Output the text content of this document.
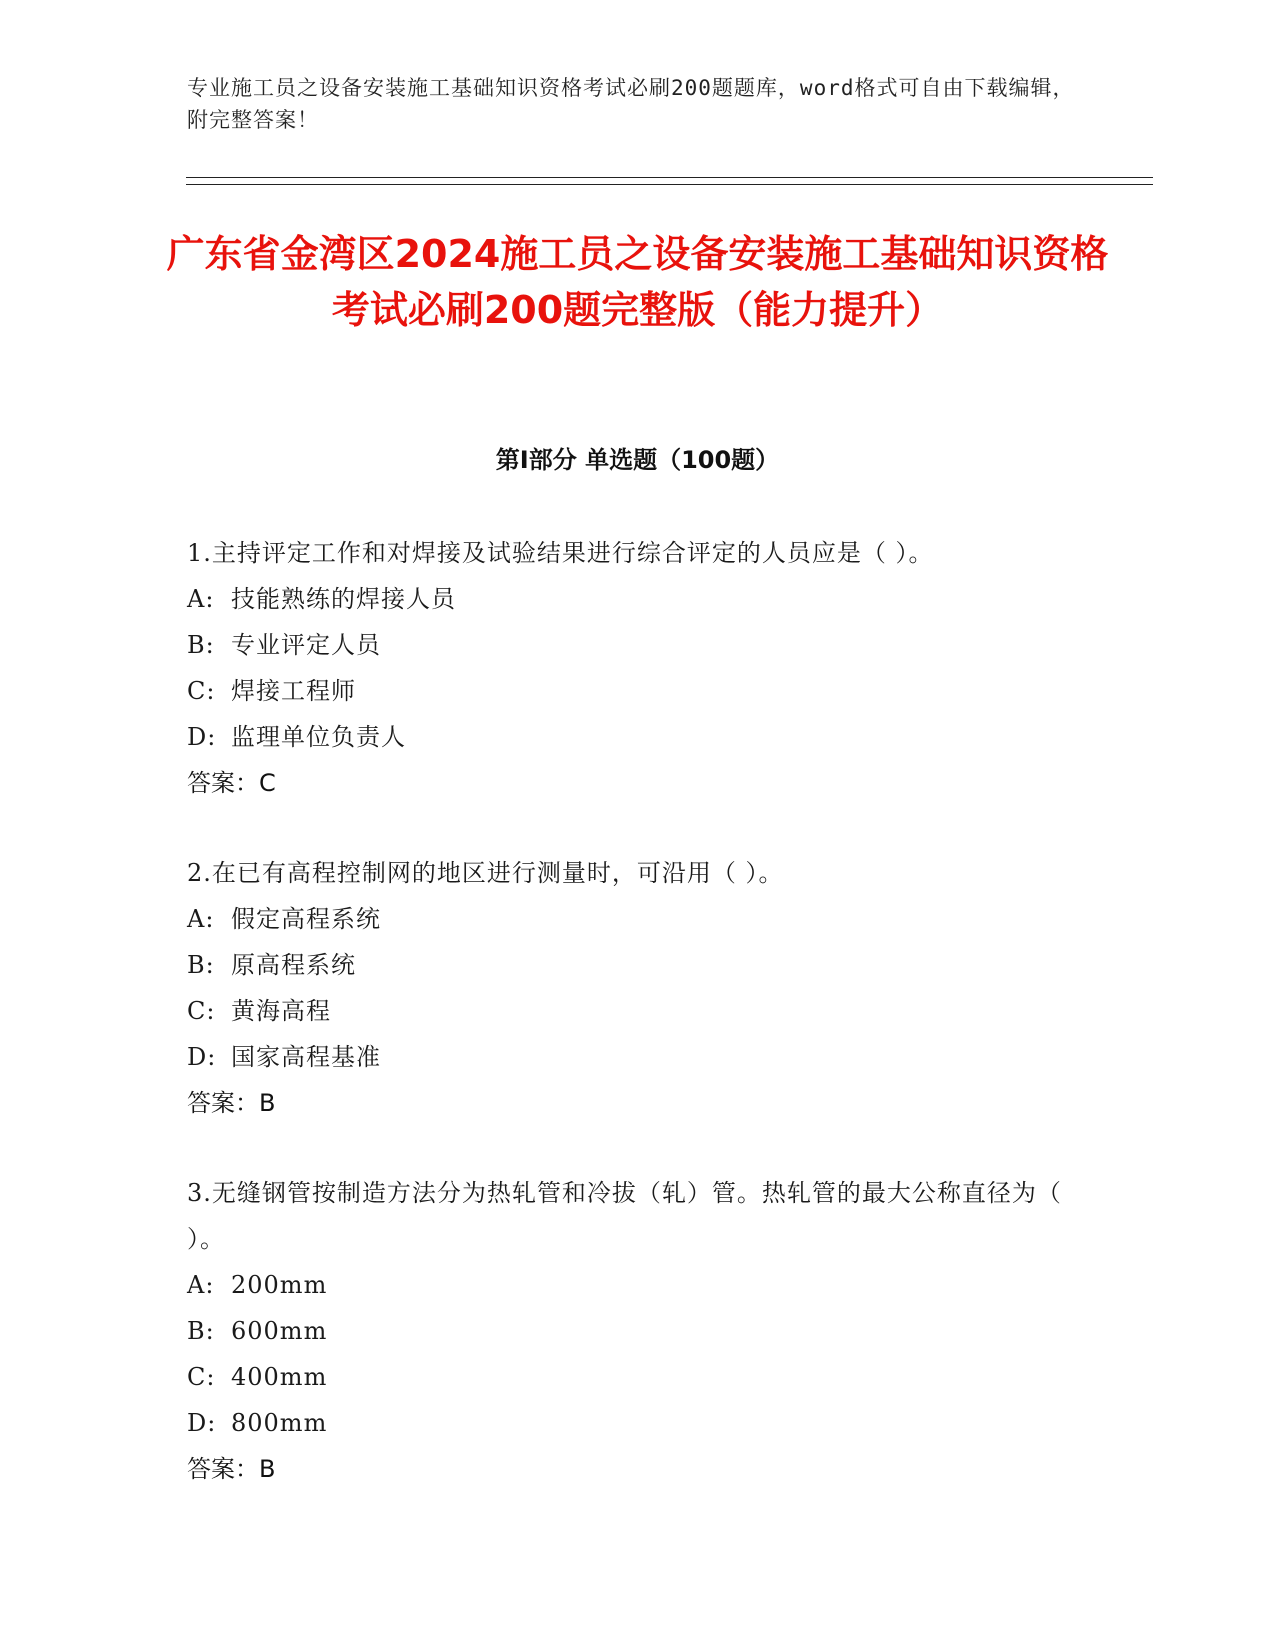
专业施工员之设备安装施工基础知识资格考试必刷200题题库，word格式可自由下载编辑，附完整答案！
广东省金湾区2024施工员之设备安装施工基础知识资格考试必刷200题完整版（能力提升）
第I部分 单选题（100题）
1.主持评定工作和对焊接及试验结果进行综合评定的人员应是（ ）。
A: 技能熟练的焊接人员
B: 专业评定人员
C: 焊接工程师
D: 监理单位负责人
答案：C
2.在已有高程控制网的地区进行测量时，可沿用（ ）。
A: 假定高程系统
B: 原高程系统
C: 黄海高程
D: 国家高程基准
答案：B
3.无缝钢管按制造方法分为热轧管和冷拔（轧）管。热轧管的最大公称直径为（ ）。
A: 200mm
B: 600mm
C: 400mm
D: 800mm
答案：B
